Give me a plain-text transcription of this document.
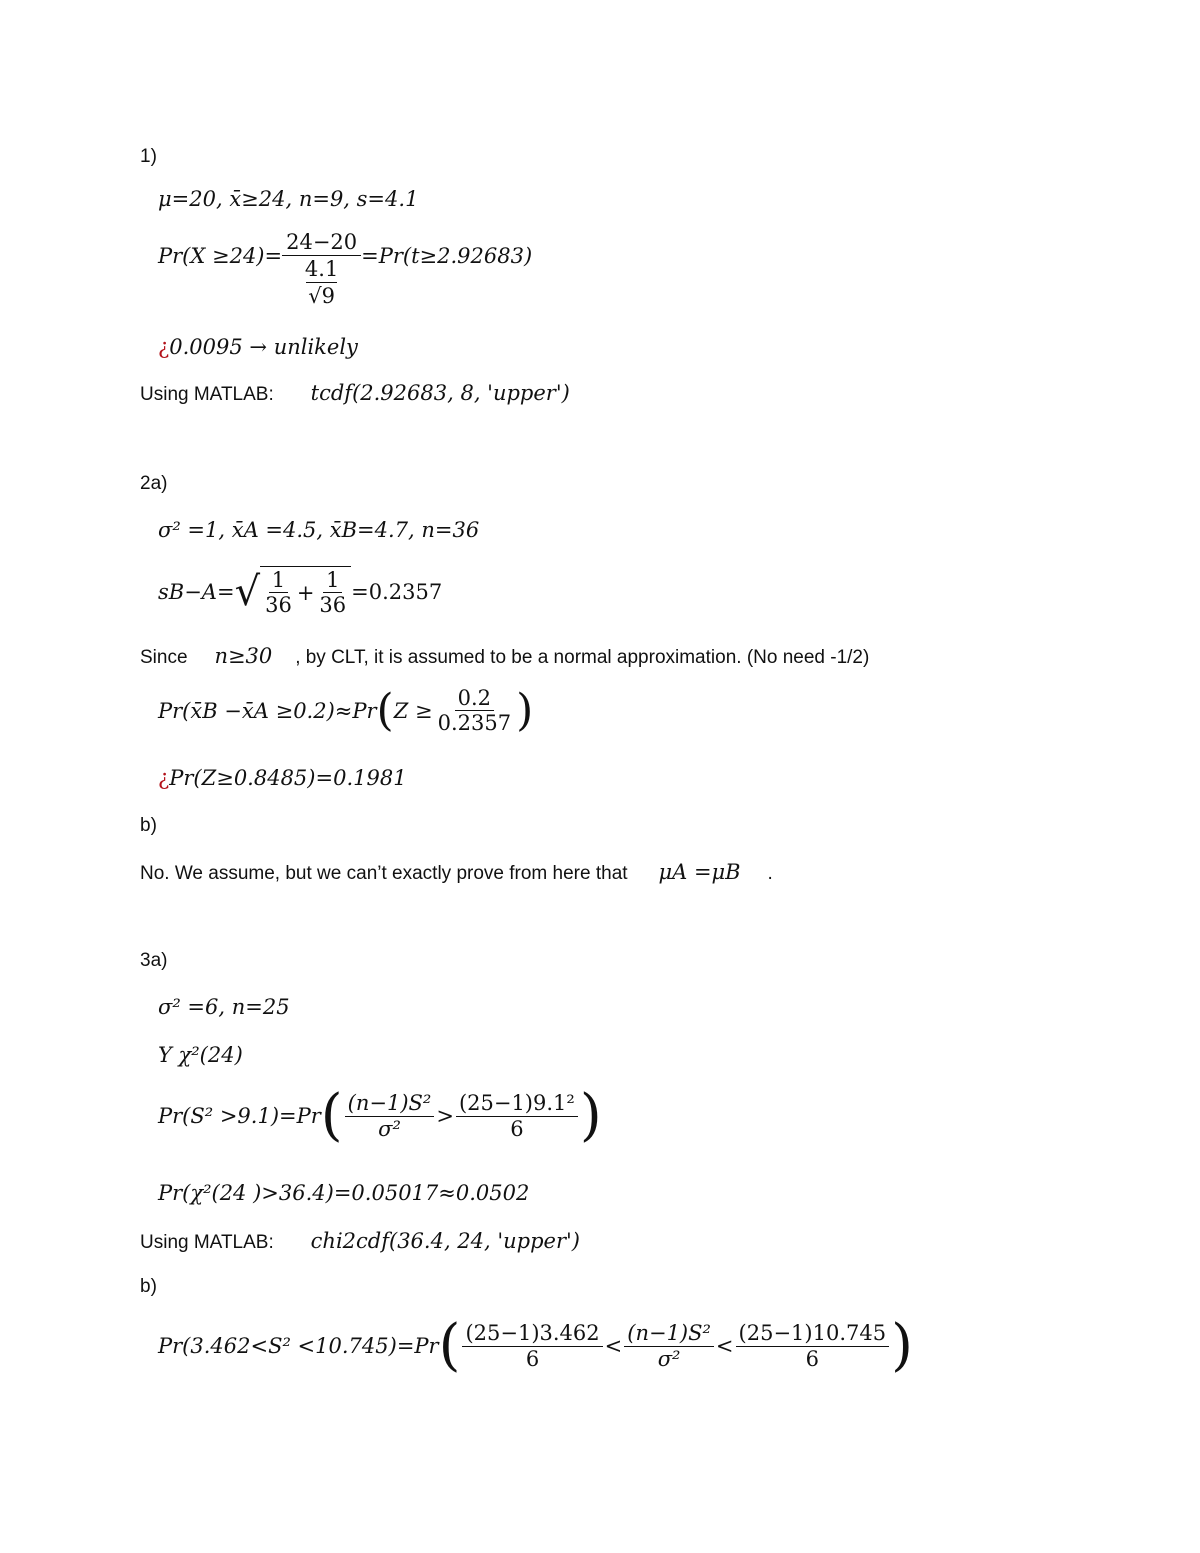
1)
μ=20, x̄≥24, n=9, s=4.1
Pr(X ≥24)=
24−20
4.1
√9
=Pr(t≥2.92683)
¿0.0095 → unlikely
Using MATLAB: tcdf(2.92683, 8, 'upper')
2a)
σ² =1, x̄A =4.5, x̄B=4.7, n=36
sB−A= √ $\frac{1}{36} + \frac{1}{36} =0.2357$
Since n≥30 , by CLT, it is assumed to be a normal approximation. (No need -1/2)
Pr(x̄B −x̄A ≥0.2)≈Pr ( $Z \ge \frac{0.2}{0.2357}$ )
¿Pr(Z≥0.8485)=0.1981
b)
No. We assume, but we can’t exactly prove from here that μA =μB .
3a)
σ² =6, n=25
Y χ²(24)
Pr(S² >9.1)=Pr ( $\frac{\text{(n−1)S²}}{\text{σ²}} > \frac{\text{(25−1)9.1²}}{6}$ )
Pr(χ²(24 )>36.4)=0.05017≈0.0502
Using MATLAB: chi2cdf(36.4, 24, 'upper')
b)
Pr(3.462<S² <10.745)=Pr ( $\frac{(25-1)3.462}{6} < \frac{\text{(n−1)S²}}{\text{σ²}} < \frac{(25-1)10.745}{6}$ )
